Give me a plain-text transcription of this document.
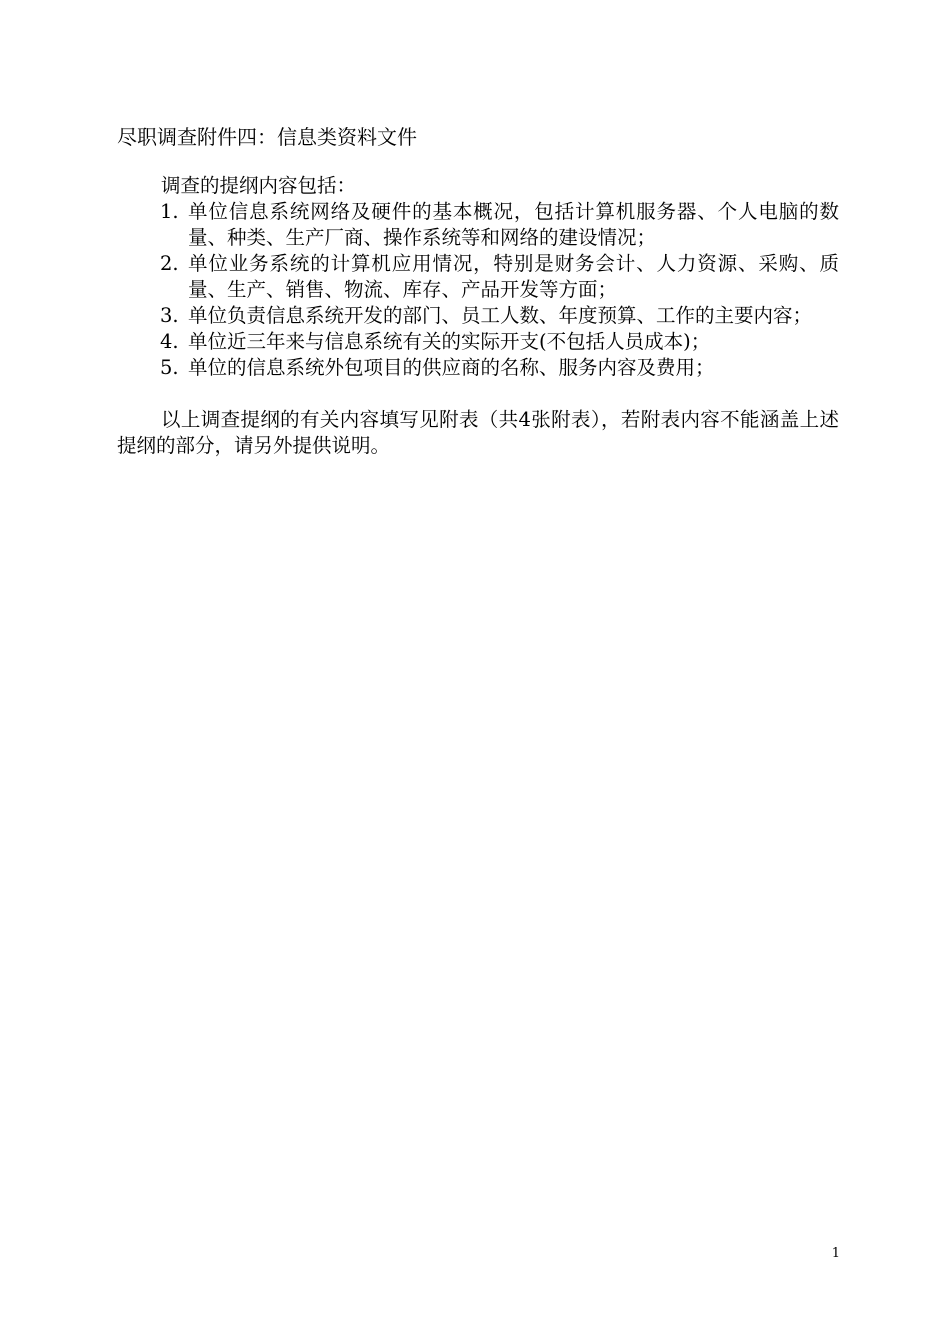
尽职调查附件四：信息类资料文件

调查的提纲内容包括：

1. 单位信息系统网络及硬件的基本概况，包括计算机服务器、个人电脑的数量、种类、生产厂商、操作系统等和网络的建设情况；
2. 单位业务系统的计算机应用情况，特别是财务会计、人力资源、采购、质量、生产、销售、物流、库存、产品开发等方面；
3. 单位负责信息系统开发的部门、员工人数、年度预算、工作的主要内容；
4. 单位近三年来与信息系统有关的实际开支(不包括人员成本)；
5. 单位的信息系统外包项目的供应商的名称、服务内容及费用；

以上调查提纲的有关内容填写见附表（共4张附表），若附表内容不能涵盖上述提纲的部分，请另外提供说明。

1
